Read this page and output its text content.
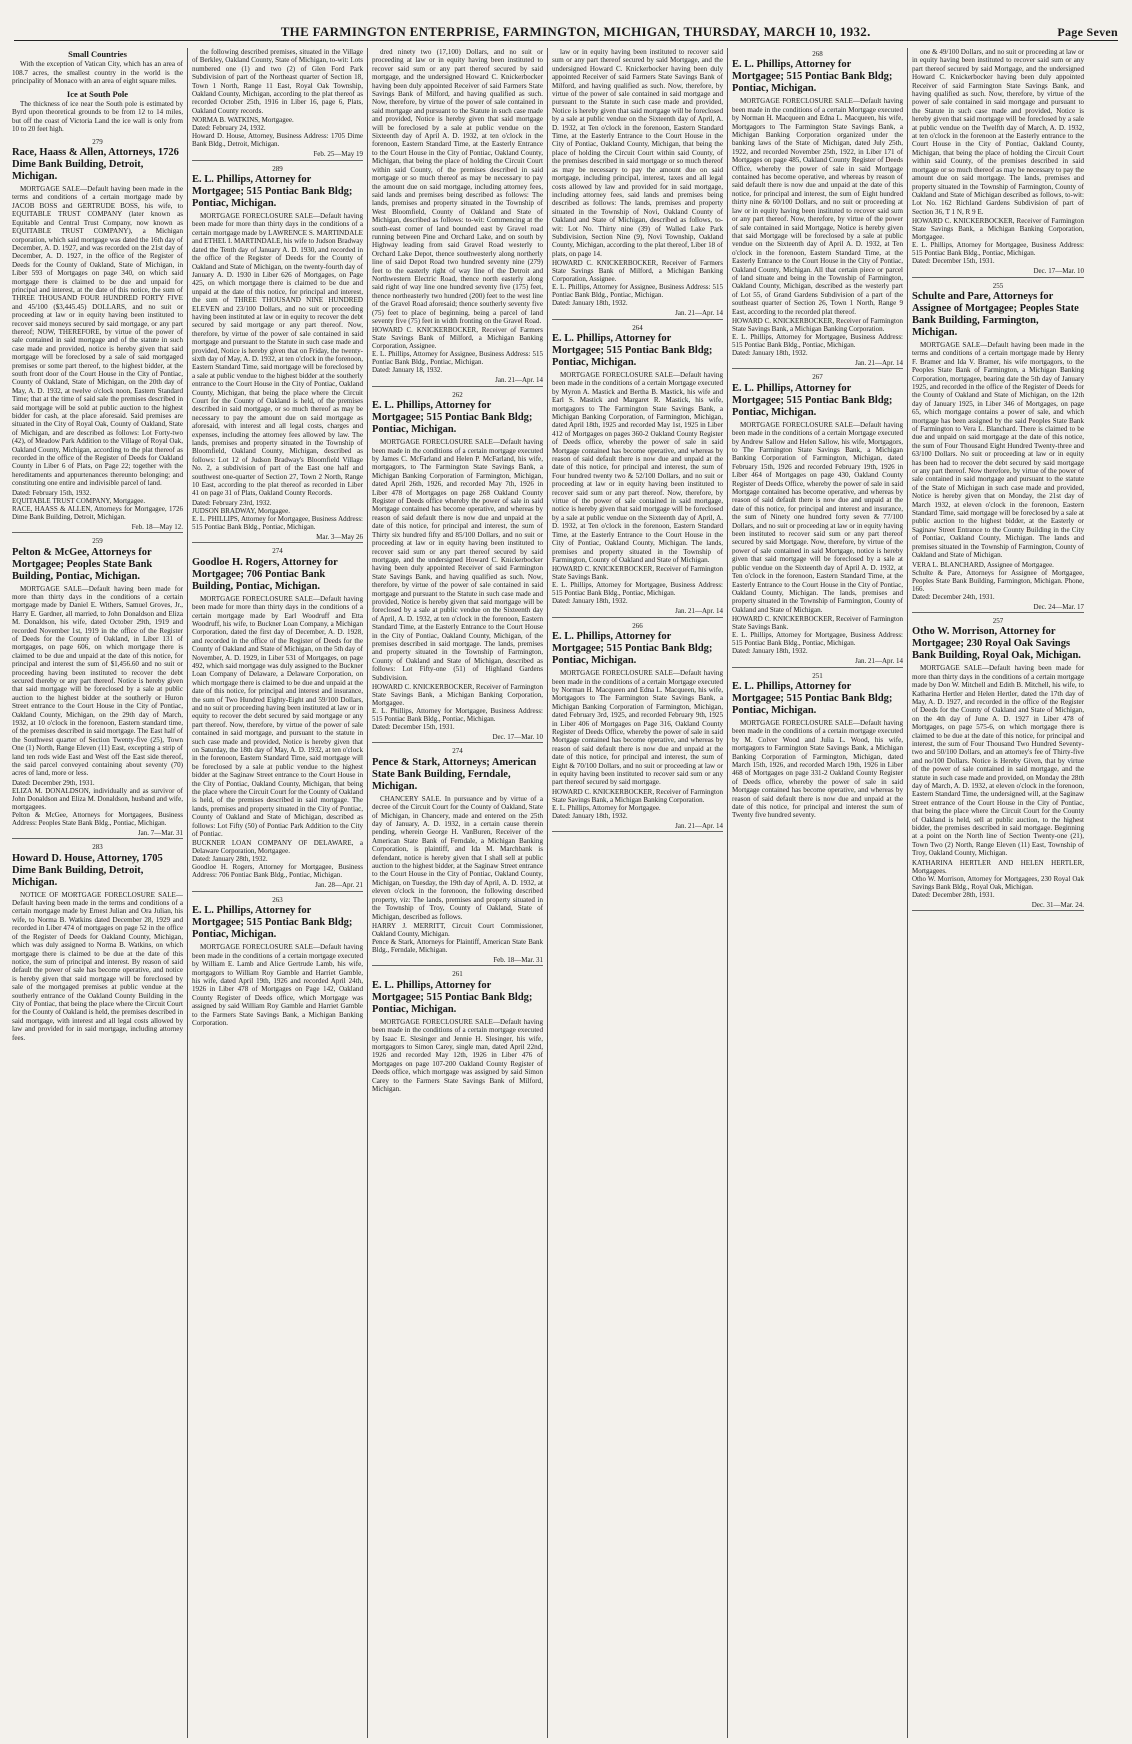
THE FARMINGTON ENTERPRISE, FARMINGTON, MICHIGAN, THURSDAY, MARCH 10, 1932.	Page Seven
Small Countries
With the exception of Vatican City, which has an area of 108.7 acres, the smallest country in the world is the principality of Monaco with an area of eight square miles.
Ice at South Pole
The thickness of ice near the South pole is estimated by Byrd upon theoretical grounds to be from 12 to 14 miles, but off the coast of Victoria Land the ice wall is only from 10 to 20 feet high.
279
Race, Haass & Allen, Attorneys, 1726 Dime Bank Building, Detroit, Michigan.
MORTGAGE SALE—Default having been made in the terms and conditions of a certain mortgage made by JACOB BOSS and GERTRUDE BOSS, his wife, to EQUITABLE TRUST COMPANY (later known as Equitable and Central Trust Company, now known as EQUITABLE TRUST COMPANY), a Michigan corporation, which said mortgage was dated the 16th day of December, A. D. 1927, and was recorded on the 21st day of December, A. D. 1927, in the office of the Register of Deeds for the County of Oakland, State of Michigan, in Liber 593 of Mortgages on page 340, on which said mortgage there is claimed to be due and unpaid for principal and interest, at the date of this notice, the sum of THREE THOUSAND FOUR HUNDRED FORTY FIVE and 45/100 ($3,445.45) DOLLARS, and no suit or proceeding at law or in equity having been instituted to recover said moneys secured by said mortgage, or any part thereof; NOW, THEREFORE, by virtue of the power of sale contained in said mortgage and of the statute in such case made and provided, notice is hereby given that said mortgage will be foreclosed by a sale of said mortgaged premises or some part thereof, to the highest bidder, at the south front door of the Court House in the City of Pontiac, County of Oakland, State of Michigan, on the 20th day of May, A. D. 1932, at twelve o'clock noon, Eastern Standard Time; that at the time of said sale the premises described in said mortgage will be sold at public auction to the highest bidder for cash, at the place aforesaid. Said premises are situated in the City of Royal Oak, County of Oakland, State of Michigan, and are described as follows: Lot Forty-two (42), of Meadow Park Addition to the Village of Royal Oak, Oakland County, Michigan, according to the plat thereof as recorded in the office of the Register of Deeds for Oakland County in Liber 6 of Plats, on Page 22; together with the hereditaments and appurtenances thereunto belonging; and constituting one entire and indivisible parcel of land.
Dated: February 15th, 1932.
EQUITABLE TRUST COMPANY, Mortgagee.
RACE, HAASS & ALLEN, Attorneys for Mortgagee, 1726 Dime Bank Building, Detroit, Michigan.
Feb. 18—May 12.
259
Pelton & McGee, Attorneys for Mortgagee; Peoples State Bank Building, Pontiac, Michigan.
MORTGAGE SALE—Default having been made for more than thirty days in the conditions of a certain mortgage made by Daniel E. Withers, Samuel Groves, Jr., Harry E. Gardner, all married, to John Donaldson and Eliza M. Donaldson, his wife, dated October 29th, 1919 and recorded November 1st, 1919 in the office of the Register of Deeds for the County of Oakland, in Liber 131 of mortgages, on page 606, on which mortgage there is claimed to be due and unpaid at the date of this notice, for principal and interest the sum of $1,456.60 and no suit or proceeding having been instituted to recover the debt secured thereby or any part thereof. Notice is hereby given that said mortgage will be foreclosed by a sale at public auction to the highest bidder at the southerly or Huron Street entrance to the Court House in the City of Pontiac, Oakland County, Michigan, on the 29th day of March, 1932, at 10 o'clock in the forenoon, Eastern standard time, of the premises described in said mortgage. The East half of the Southwest quarter of Section Twenty-five (25), Town One (1) North, Range Eleven (11) East, excepting a strip of land ten rods wide East and West off the East side thereof, the said parcel conveyed containing about seventy (70) acres of land, more or less.
Dated: December 29th, 1931.
ELIZA M. DONALDSON, individually and as survivor of John Donaldson and Eliza M. Donaldson, husband and wife, mortgagees.
Pelton & McGee, Attorneys for Mortgagees, Business Address: Peoples State Bank Bldg., Pontiac, Michigan.
Jan. 7—Mar. 31
283
Howard D. House, Attorney, 1705 Dime Bank Building, Detroit, Michigan.
NOTICE OF MORTGAGE FORECLOSURE SALE—Default having been made in the terms and conditions of a certain mortgage made by Ernest Julian and Ora Julian, his wife, to Norma B. Watkins dated December 28, 1929 and recorded in Liber 474 of mortgages on page 52 in the office of the Register of Deeds for Oakland County, Michigan, which was duly assigned to Norma B. Watkins, on which mortgage there is claimed to be due at the date of this notice, the sum of principal and interest. By reason of said default the power of sale has become operative, and notice is hereby given that said mortgage will be foreclosed by sale of the mortgaged premises at public vendue at the southerly entrance of the Oakland County Building in the City of Pontiac, that being the place where the Circuit Court for the County of Oakland is held, the premises described in said mortgage, with interest and all legal costs allowed by law and provided for in said mortgage, including attorney fees.
the following described premises, situated in the Village of Berkley, Oakland County, State of Michigan, to-wit: Lots numbered one (1) and two (2) of Glen Ford Park Subdivision of part of the Northeast quarter of Section 18, Town 1 North, Range 11 East, Royal Oak Township, Oakland County, Michigan, according to the plat thereof as recorded October 25th, 1916 in Liber 16, page 6, Plats, Oakland County records.
NORMA B. WATKINS, Mortgagee.
Dated: February 24, 1932.
Howard D. House, Attorney, Business Address: 1705 Dime Bank Bldg., Detroit, Michigan.
Feb. 25—May 19
289
E. L. Phillips, Attorney for Mortgagee; 515 Pontiac Bank Bldg; Pontiac, Michigan.
MORTGAGE FORECLOSURE SALE—Default having been made for more than thirty days in the conditions of a certain mortgage made by LAWRENCE S. MARTINDALE and ETHEL I. MARTINDALE, his wife to Judson Bradway dated the Tenth day of January A. D. 1930, and recorded in the office of the Register of Deeds for the County of Oakland and State of Michigan, on the twenty-fourth day of January A. D. 1930 in Liber 626 of Mortgages, on Page 425, on which mortgage there is claimed to be due and unpaid at the date of this notice, for principal and interest, the sum of THREE THOUSAND NINE HUNDRED ELEVEN and 23/100 Dollars, and no suit or proceeding having been instituted at law or in equity to recover the debt secured by said mortgage or any part thereof. Now, therefore, by virtue of the power of sale contained in said mortgage and pursuant to the Statute in such case made and provided, Notice is hereby given that on Friday, the twenty-sixth day of May, A. D. 1932, at ten o'clock in the forenoon, Eastern Standard Time, said mortgage will be foreclosed by a sale at public vendue to the highest bidder at the southerly entrance to the Court House in the City of Pontiac, Oakland County, Michigan, that being the place where the Circuit Court for the County of Oakland is held, of the premises described in said mortgage, or so much thereof as may be necessary to pay the amount due on said mortgage as aforesaid, with interest and all legal costs, charges and expenses, including the attorney fees allowed by law. The lands, premises and property situated in the Township of Bloomfield, Oakland County, Michigan, described as follows: Lot 12 of Judson Bradway's Bloomfield Village No. 2, a subdivision of part of the East one half and southwest one-quarter of Section 27, Town 2 North, Range 10 East, according to the plat thereof as recorded in Liber 41 on page 31 of Plats, Oakland County Records.
Dated: February 23rd, 1932.
JUDSON BRADWAY, Mortgagee.
E. L. PHILLIPS, Attorney for Mortgagee, Business Address: 515 Pontiac Bank Bldg., Pontiac, Michigan.
Mar. 3—May 26
274
Goodloe H. Rogers, Attorney for Mortgagee; 706 Pontiac Bank Building, Pontiac, Michigan.
MORTGAGE FORECLOSURE SALE—Default having been made for more than thirty days in the conditions of a certain mortgage made by Earl Woodruff and Etta Woodruff, his wife, to Buckner Loan Company, a Michigan Corporation, dated the first day of December, A. D. 1928, and recorded in the office of the Register of Deeds for the County of Oakland and State of Michigan, on the 5th day of November, A. D. 1929, in Liber 531 of Mortgages, on page 492, which said mortgage was duly assigned to the Buckner Loan Company of Delaware, a Delaware Corporation, on which mortgage there is claimed to be due and unpaid at the date of this notice, for principal and interest and insurance, the sum of Two Hundred Eighty-Eight and 59/100 Dollars, and no suit or proceeding having been instituted at law or in equity to recover the debt secured by said mortgage or any part thereof. Now, therefore, by virtue of the power of sale contained in said mortgage, and pursuant to the statute in such case made and provided, Notice is hereby given that on Saturday, the 18th day of May, A. D. 1932, at ten o'clock in the forenoon, Eastern Standard Time, said mortgage will be foreclosed by a sale at public vendue to the highest bidder at the Saginaw Street entrance to the Court House in the City of Pontiac, Oakland County, Michigan, that being the place where the Circuit Court for the County of Oakland is held, of the premises described in said mortgage. The lands, premises and property situated in the City of Pontiac, County of Oakland and State of Michigan, described as follows: Lot Fifty (50) of Pontiac Park Addition to the City of Pontiac.
BUCKNER LOAN COMPANY OF DELAWARE, a Delaware Corporation, Mortgagee.
Dated: January 28th, 1932.
Goodloe H. Rogers, Attorney for Mortgagee, Business Address: 706 Pontiac Bank Bldg., Pontiac, Michigan.
Jan. 28—Apr. 21
263
E. L. Phillips, Attorney for Mortgagee; 515 Pontiac Bank Bldg; Pontiac, Michigan.
MORTGAGE FORECLOSURE SALE—Default having been made in the conditions of a certain mortgage executed by William E. Lamb and Alice Gertrude Lamb, his wife, mortgagors to William Roy Gamble and Harriet Gamble, his wife, dated April 19th, 1926 and recorded April 24th, 1926 in Liber 478 of Mortgages on Page 142, Oakland County Register of Deeds office, which Mortgage was assigned by said William Roy Gamble and Harriet Gamble to the Farmers State Savings Bank, a Michigan Banking Corporation.
dred ninety two (17,100) Dollars, and no suit or proceeding at law or in equity having been instituted to recover said sum or any part thereof secured by said mortgage, and the undersigned Howard C. Knickerbocker having been duly appointed Receiver of said Farmers State Savings Bank of Milford, and having qualified as such. Now, therefore, by virtue of the power of sale contained in said mortgage and pursuant to the Statute in such case made and provided, Notice is hereby given that said mortgage will be foreclosed by a sale at public vendue on the Sixteenth day of April A. D. 1932, at ten o'clock in the forenoon, Eastern Standard Time, at the Easterly Entrance to the Court House in the City of Pontiac, Oakland County, Michigan, that being the place of holding the Circuit Court within said County, of the premises described in said mortgage or so much thereof as may be necessary to pay the amount due on said mortgage, including attorney fees, said lands and premises being described as follows: The lands, premises and property situated in the Township of West Bloomfield, County of Oakland and State of Michigan, described as follows: to-wit: Commencing at the south-east corner of land bounded east by Gravel road running between Pine and Orchard Lake, and on south by Highway leading from said Gravel Road westerly to Orchard Lake Depot, thence southwesterly along northerly line of said Depot Road two hundred seventy nine (279) feet to the easterly right of way line of the Detroit and Northwestern Electric Road, thence north easterly along said right of way line one hundred seventy five (175) feet, thence northeasterly two hundred (200) feet to the west line of the Gravel Road aforesaid; thence southerly seventy five (75) feet to place of beginning, being a parcel of land seventy five (75) feet in width fronting on the Gravel Road.
HOWARD C. KNICKERBOCKER, Receiver of Farmers State Savings Bank of Milford, a Michigan Banking Corporation, Assignee.
E. L. Phillips, Attorney for Assignee, Business Address: 515 Pontiac Bank Bldg., Pontiac, Michigan.
Dated: January 18, 1932.
Jan. 21—Apr. 14
262
E. L. Phillips, Attorney for Mortgagee; 515 Pontiac Bank Bldg; Pontiac, Michigan.
MORTGAGE FORECLOSURE SALE—Default having been made in the conditions of a certain mortgage executed by James C. McFarland and Helen P. McFarland, his wife, mortgagors, to The Farmington State Savings Bank, a Michigan Banking Corporation of Farmington, Michigan, dated April 26th, 1926, and recorded May 7th, 1926 in Liber 478 of Mortgages on page 268 Oakland County Register of Deeds office whereby the power of sale in said Mortgage contained has become operative, and whereas by reason of said default there is now due and unpaid at the date of this notice, for principal and interest, the sum of Thirty six hundred fifty and 85/100 Dollars, and no suit or proceeding at law or in equity having been instituted to recover said sum or any part thereof secured by said mortgage, and the undersigned Howard C. Knickerbocker having been duly appointed Receiver of said Farmington State Savings Bank, and having qualified as such. Now, therefore, by virtue of the power of sale contained in said mortgage and pursuant to the Statute in such case made and provided, Notice is hereby given that said mortgage will be foreclosed by a sale at public vendue on the Sixteenth day of April, A. D. 1932, at ten o'clock in the forenoon, Eastern Standard Time, at the Easterly Entrance to the Court House in the City of Pontiac, Oakland County, Michigan, of the premises described in said mortgage. The lands, premises and property situated in the Township of Farmington, County of Oakland and State of Michigan, described as follows: Lot Fifty-one (51) of Highland Gardens Subdivision.
HOWARD C. KNICKERBOCKER, Receiver of Farmington State Savings Bank, a Michigan Banking Corporation, Mortgagee.
E. L. Phillips, Attorney for Mortgagee, Business Address: 515 Pontiac Bank Bldg., Pontiac, Michigan.
Dated: December 15th, 1931.
Dec. 17—Mar. 10
274
Pence & Stark, Attorneys; American State Bank Building, Ferndale, Michigan.
CHANCERY SALE. In pursuance and by virtue of a decree of the Circuit Court for the County of Oakland, State of Michigan, in Chancery, made and entered on the 25th day of January, A. D. 1932, in a certain cause therein pending, wherein George H. VanBuren, Receiver of the American State Bank of Ferndale, a Michigan Banking Corporation, is plaintiff, and Ida M. Marchbank is defendant, notice is hereby given that I shall sell at public auction to the highest bidder, at the Saginaw Street entrance to the Court House in the City of Pontiac, Oakland County, Michigan, on Tuesday, the 19th day of April, A. D. 1932, at eleven o'clock in the forenoon, the following described property, viz: The lands, premises and property situated in the Township of Troy, County of Oakland, State of Michigan, described as follows.
HARRY J. MERRITT, Circuit Court Commissioner, Oakland County, Michigan.
Pence & Stark, Attorneys for Plaintiff, American State Bank Bldg., Ferndale, Michigan.
Feb. 18—Mar. 31
261
E. L. Phillips, Attorney for Mortgagee; 515 Pontiac Bank Bldg; Pontiac, Michigan.
MORTGAGE FORECLOSURE SALE—Default having been made in the conditions of a certain mortgage executed by Isaac E. Slesinger and Jennie H. Slesinger, his wife, mortgagors to Simon Carey, single man, dated April 22nd, 1926 and recorded May 12th, 1926 in Liber 476 of Mortgages on page 107-200 Oakland County Register of Deeds office, which mortgage was assigned by said Simon Carey to the Farmers State Savings Bank of Milford, Michigan.
law or in equity having been instituted to recover said sum or any part thereof secured by said Mortgage, and the undersigned Howard C. Knickerbocker having been duly appointed Receiver of said Farmers State Savings Bank of Milford, and having qualified as such. Now, therefore, by virtue of the power of sale contained in said mortgage and pursuant to the Statute in such case made and provided, Notice is hereby given that said mortgage will be foreclosed by a sale at public vendue on the Sixteenth day of April, A. D. 1932, at Ten o'clock in the forenoon, Eastern Standard Time, at the Easterly Entrance to the Court House in the City of Pontiac, Oakland County, Michigan, that being the place of holding the Circuit Court within said County, of the premises described in said mortgage or so much thereof as may be necessary to pay the amount due on said mortgage, including principal, interest, taxes and all legal costs allowed by law and provided for in said mortgage, including attorney fees, said lands and premises being described as follows: The lands, premises and property situated in the Township of Novi, Oakland County of Oakland and State of Michigan, described as follows, to-wit: Lot No. Thirty nine (39) of Walled Lake Park Subdivision, Section Nine (9), Novi Township, Oakland County, Michigan, according to the plat thereof, Liber 18 of plats, on page 14.
HOWARD C. KNICKERBOCKER, Receiver of Farmers State Savings Bank of Milford, a Michigan Banking Corporation, Assignee.
E. L. Phillips, Attorney for Assignee, Business Address: 515 Pontiac Bank Bldg., Pontiac, Michigan.
Dated: January 18th, 1932.
Jan. 21—Apr. 14
264
E. L. Phillips, Attorney for Mortgagee; 515 Pontiac Bank Bldg; Pontiac, Michigan.
MORTGAGE FORECLOSURE SALE—Default having been made in the conditions of a certain Mortgage executed by Myron A. Mastick and Bertha B. Mastick, his wife and Earl S. Mastick and Margaret R. Mastick, his wife, mortgagors to The Farmington State Savings Bank, a Michigan Banking Corporation, of Farmington, Michigan, dated April 18th, 1925 and recorded May 1st, 1925 in Liber 412 of Mortgages on pages 360-2 Oakland County Register of Deeds office, whereby the power of sale in said Mortgage contained has become operative, and whereas by reason of said default there is now due and unpaid at the date of this notice, for principal and interest, the sum of Four hundred twenty two & 52/100 Dollars, and no suit or proceeding at law or in equity having been instituted to recover said sum or any part thereof. Now, therefore, by virtue of the power of sale contained in said mortgage, notice is hereby given that said mortgage will be foreclosed by a sale at public vendue on the Sixteenth day of April, A. D. 1932, at Ten o'clock in the forenoon, Eastern Standard Time, at the Easterly Entrance to the Court House in the City of Pontiac, Oakland County, Michigan. The lands, premises and property situated in the Township of Farmington, County of Oakland and State of Michigan.
HOWARD C. KNICKERBOCKER, Receiver of Farmington State Savings Bank.
E. L. Phillips, Attorney for Mortgagee, Business Address: 515 Pontiac Bank Bldg., Pontiac, Michigan.
Dated: January 18th, 1932.
Jan. 21—Apr. 14
266
E. L. Phillips, Attorney for Mortgagee; 515 Pontiac Bank Bldg; Pontiac, Michigan.
MORTGAGE FORECLOSURE SALE—Default having been made in the conditions of a certain Mortgage executed by Norman H. Macqueen and Edna L. Macqueen, his wife, Mortgagors to The Farmington State Savings Bank, a Michigan Banking Corporation of Farmington, Michigan, dated February 3rd, 1925, and recorded February 9th, 1925 in Liber 406 of Mortgages on Page 316, Oakland County Register of Deeds Office, whereby the power of sale in said Mortgage contained has become operative, and whereas by reason of said default there is now due and unpaid at the date of this notice, for principal and interest, the sum of Eight & 70/100 Dollars, and no suit or proceeding at law or in equity having been instituted to recover said sum or any part thereof secured by said mortgage.
HOWARD C. KNICKERBOCKER, Receiver of Farmington State Savings Bank, a Michigan Banking Corporation.
E. L. Phillips, Attorney for Mortgagee.
Dated: January 18th, 1932.
Jan. 21—Apr. 14
268
E. L. Phillips, Attorney for Mortgagee; 515 Pontiac Bank Bldg; Pontiac, Michigan.
MORTGAGE FORECLOSURE SALE—Default having been made in the conditions of a certain Mortgage executed by Norman H. Macqueen and Edna L. Macqueen, his wife, Mortgagors to The Farmington State Savings Bank, a Michigan Banking Corporation organized under the banking laws of the State of Michigan, dated July 25th, 1922, and recorded November 25th, 1922, in Liber 171 of Mortgages on page 485, Oakland County Register of Deeds Office, whereby the power of sale in said Mortgage contained has become operative, and whereas by reason of said default there is now due and unpaid at the date of this notice, for principal and interest, the sum of Eight hundred thirty nine & 60/100 Dollars, and no suit or proceeding at law or in equity having been instituted to recover said sum or any part thereof. Now, therefore, by virtue of the power of sale contained in said Mortgage, Notice is hereby given that said Mortgage will be foreclosed by a sale at public vendue on the Sixteenth day of April A. D. 1932, at Ten o'clock in the forenoon, Eastern Standard Time, at the Easterly Entrance to the Court House in the City of Pontiac, Oakland County, Michigan. All that certain piece or parcel of land situate and being in the Township of Farmington, Oakland County, Michigan, described as the westerly part of Lot 55, of Grand Gardens Subdivision of a part of the southeast quarter of Section 26, Town 1 North, Range 9 East, according to the recorded plat thereof.
HOWARD C. KNICKERBOCKER, Receiver of Farmington State Savings Bank, a Michigan Banking Corporation.
E. L. Phillips, Attorney for Mortgagee, Business Address: 515 Pontiac Bank Bldg., Pontiac, Michigan.
Dated: January 18th, 1932.
Jan. 21—Apr. 14
267
E. L. Phillips, Attorney for Mortgagee; 515 Pontiac Bank Bldg; Pontiac, Michigan.
MORTGAGE FORECLOSURE SALE—Default having been made in the conditions of a certain Mortgage executed by Andrew Sallow and Helen Sallow, his wife, Mortgagors, to The Farmington State Savings Bank, a Michigan Banking Corporation of Farmington, Michigan, dated February 15th, 1926 and recorded February 19th, 1926 in Liber 464 of Mortgages on page 430, Oakland County Register of Deeds Office, whereby the power of sale in said Mortgage contained has become operative, and whereas by reason of said default there is now due and unpaid at the date of this notice, for principal and interest and insurance, the sum of Ninety one hundred forty seven & 77/100 Dollars, and no suit or proceeding at law or in equity having been instituted to recover said sum or any part thereof secured by said Mortgage. Now, therefore, by virtue of the power of sale contained in said Mortgage, notice is hereby given that said mortgage will be foreclosed by a sale at public vendue on the Sixteenth day of April A. D. 1932, at Ten o'clock in the forenoon, Eastern Standard Time, at the Easterly Entrance to the Court House in the City of Pontiac, Oakland County, Michigan. The lands, premises and property situated in the Township of Farmington, County of Oakland and State of Michigan.
HOWARD C. KNICKERBOCKER, Receiver of Farmington State Savings Bank.
E. L. Phillips, Attorney for Mortgagee, Business Address: 515 Pontiac Bank Bldg., Pontiac, Michigan.
Dated: January 18th, 1932.
Jan. 21—Apr. 14
251
E. L. Phillips, Attorney for Mortgagee; 515 Pontiac Bank Bldg; Pontiac, Michigan.
MORTGAGE FORECLOSURE SALE—Default having been made in the conditions of a certain mortgage executed by M. Colver Wood and Julia L. Wood, his wife, mortgagors to Farmington State Savings Bank, a Michigan Banking Corporation of Farmington, Michigan, dated March 15th, 1926, and recorded March 19th, 1926 in Liber 468 of Mortgages on page 331-2 Oakland County Register of Deeds office, whereby the power of sale in said Mortgage contained has become operative, and whereas by reason of said default there is now due and unpaid at the date of this notice, for principal and interest the sum of Twenty five hundred seventy.
one & 49/100 Dollars, and no suit or proceeding at law or in equity having been instituted to recover said sum or any part thereof secured by said Mortgage, and the undersigned Howard C. Knickerbocker having been duly appointed Receiver of said Farmington State Savings Bank, and having qualified as such. Now, therefore, by virtue of the power of sale contained in said mortgage and pursuant to the Statute in such case made and provided, Notice is hereby given that said mortgage will be foreclosed by a sale at public vendue on the Twelfth day of March, A. D. 1932, at ten o'clock in the forenoon at the Easterly entrance to the Court House in the City of Pontiac, Oakland County, Michigan, that being the place of holding the Circuit Court within said County, of the premises described in said mortgage or so much thereof as may be necessary to pay the amount due on said mortgage. The lands, premises and property situated in the Township of Farmington, County of Oakland and State of Michigan described as follows, to-wit: Lot No. 162 Richland Gardens Subdivision of part of Section 36, T 1 N, R 9 E.
HOWARD C. KNICKERBOCKER, Receiver of Farmington State Savings Bank, a Michigan Banking Corporation, Mortgagee.
E. L. Phillips, Attorney for Mortgagee, Business Address: 515 Pontiac Bank Bldg., Pontiac, Michigan.
Dated: December 15th, 1931.
Dec. 17—Mar. 10
255
Schulte and Pare, Attorneys for Assignee of Mortgagee; Peoples State Bank Building, Farmington, Michigan.
MORTGAGE SALE—Default having been made in the terms and conditions of a certain mortgage made by Henry F. Bramer and Ida V. Bramer, his wife mortgagors, to the Peoples State Bank of Farmington, a Michigan Banking Corporation, mortgagee, bearing date the 5th day of January 1925, and recorded in the office of the Register of Deeds for the County of Oakland and State of Michigan, on the 12th day of January 1925, in Liber 346 of Mortgages, on page 65, which mortgage contains a power of sale, and which mortgage has been assigned by the said Peoples State Bank of Farmington to Vera L. Blanchard. There is claimed to be due and unpaid on said mortgage at the date of this notice, the sum of Four Thousand Eight Hundred Twenty-three and 63/100 Dollars. No suit or proceeding at law or in equity has been had to recover the debt secured by said mortgage or any part thereof. Now therefore, by virtue of the power of sale contained in said mortgage and pursuant to the statute of the State of Michigan in such case made and provided, Notice is hereby given that on Monday, the 21st day of March 1932, at eleven o'clock in the forenoon, Eastern Standard Time, said mortgage will be foreclosed by a sale at public auction to the highest bidder, at the Easterly or Saginaw Street Entrance to the County Building in the City of Pontiac, Oakland County, Michigan. The lands and premises situated in the Township of Farmington, County of Oakland and State of Michigan.
VERA L. BLANCHARD, Assignee of Mortgagee.
Schulte & Pare, Attorneys for Assignee of Mortgagee, Peoples State Bank Building, Farmington, Michigan. Phone, 166.
Dated: December 24th, 1931.
Dec. 24—Mar. 17
257
Otho W. Morrison, Attorney for Mortgagee; 230 Royal Oak Savings Bank Building, Royal Oak, Michigan.
MORTGAGE SALE—Default having been made for more than thirty days in the conditions of a certain mortgage made by Don W. Mitchell and Edith B. Mitchell, his wife, to Katharina Hertler and Helen Hertler, dated the 17th day of May, A. D. 1927, and recorded in the office of the Register of Deeds for the County of Oakland and State of Michigan, on the 4th day of June A. D. 1927 in Liber 478 of Mortgages, on page 575-6, on which mortgage there is claimed to be due at the date of this notice, for principal and interest, the sum of Four Thousand Two Hundred Seventy-two and 50/100 Dollars, and an attorney's fee of Thirty-five and no/100 Dollars. Notice is Hereby Given, that by virtue of the power of sale contained in said mortgage, and the statute in such case made and provided, on Monday the 28th day of March, A. D. 1932, at eleven o'clock in the forenoon, Eastern Standard Time, the undersigned will, at the Saginaw Street entrance of the Court House in the City of Pontiac, that being the place where the Circuit Court for the County of Oakland is held, sell at public auction, to the highest bidder, the premises described in said mortgage. Beginning at a point on the North line of Section Twenty-one (21), Town Two (2) North, Range Eleven (11) East, Township of Troy, Oakland County, Michigan.
KATHARINA HERTLER AND HELEN HERTLER, Mortgagees.
Otho W. Morrison, Attorney for Mortgagees, 230 Royal Oak Savings Bank Bldg., Royal Oak, Michigan.
Dated: December 28th, 1931.
Dec. 31—Mar. 24.
